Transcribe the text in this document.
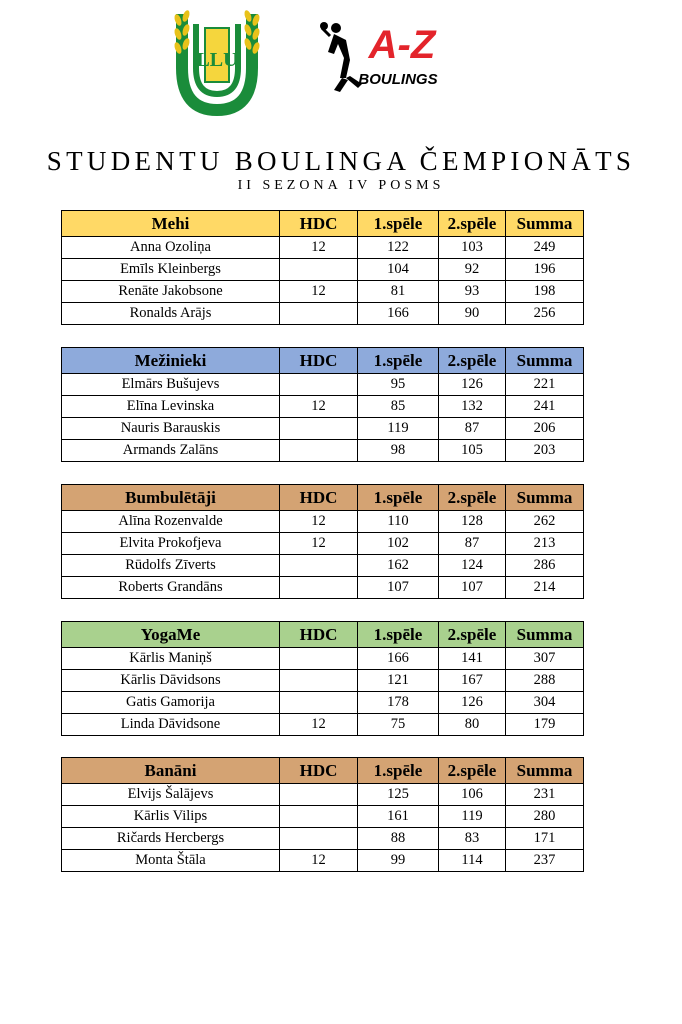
LLU	A-Z
BOULINGS
STUDENTU BOULINGA ČEMPIONĀTS
II SEZONA IV POSMS
Mehi	HDC	1.spēle	2.spēle	Summa
Anna Ozoliņa	12	122	103	249
Emīls Kleinbergs		104	92	196
Renāte Jakobsone	12	81	93	198
Ronalds Arājs		166	90	256
Mežinieki	HDC	1.spēle	2.spēle	Summa
Elmārs Bušujevs		95	126	221
Elīna Levinska	12	85	132	241
Nauris Barauskis		119	87	206
Armands Zalāns		98	105	203
Bumbulētāji	HDC	1.spēle	2.spēle	Summa
Alīna Rozenvalde	12	110	128	262
Elvita Prokofjeva	12	102	87	213
Rūdolfs Zīverts		162	124	286
Roberts Grandāns		107	107	214
YogaMe	HDC	1.spēle	2.spēle	Summa
Kārlis Maniņš		166	141	307
Kārlis Dāvidsons		121	167	288
Gatis Gamorija		178	126	304
Linda Dāvidsone	12	75	80	179
Banāni	HDC	1.spēle	2.spēle	Summa
Elvijs Šalājevs		125	106	231
Kārlis Vilips		161	119	280
Ričards Hercbergs		88	83	171
Monta Štāla	12	99	114	237
